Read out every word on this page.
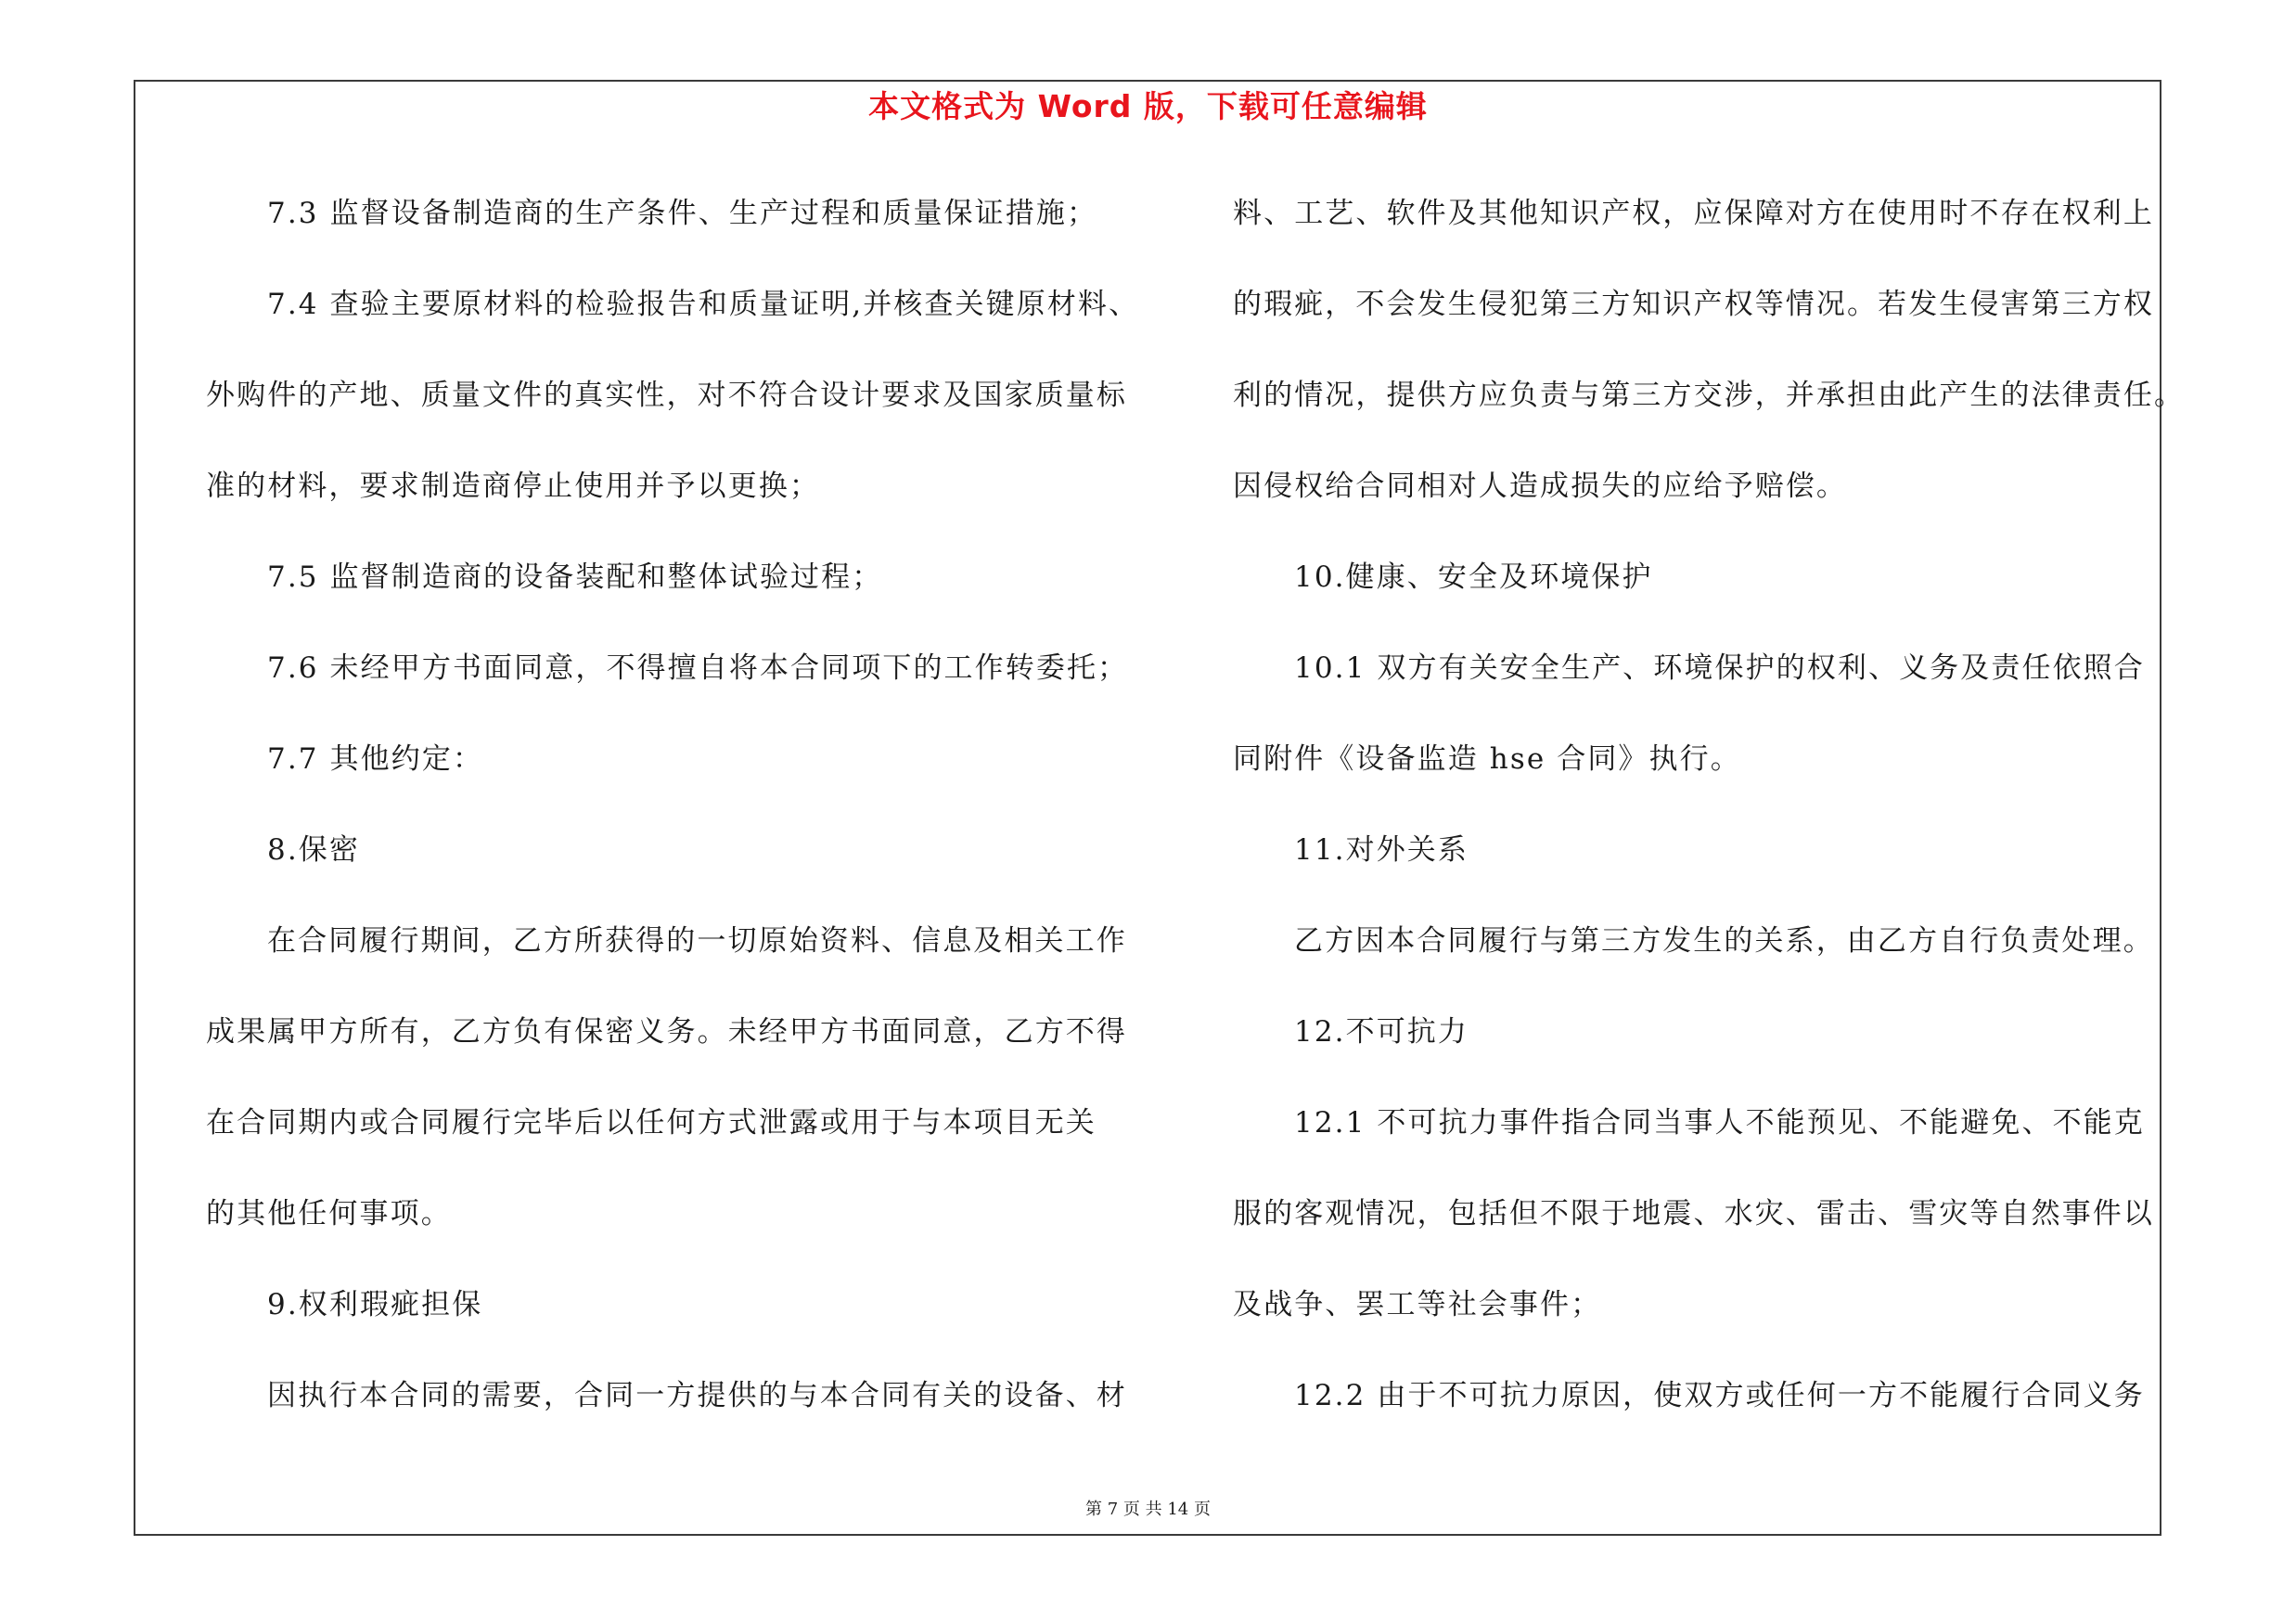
本文格式为 Word 版，下载可任意编辑
7.3 监督设备制造商的生产条件、生产过程和质量保证措施；
7.4 查验主要原材料的检验报告和质量证明,并核查关键原材料、
外购件的产地、质量文件的真实性，对不符合设计要求及国家质量标
准的材料，要求制造商停止使用并予以更换；
7.5 监督制造商的设备装配和整体试验过程；
7.6 未经甲方书面同意，不得擅自将本合同项下的工作转委托；
7.7 其他约定：
8.保密
在合同履行期间，乙方所获得的一切原始资料、信息及相关工作
成果属甲方所有，乙方负有保密义务。未经甲方书面同意，乙方不得
在合同期内或合同履行完毕后以任何方式泄露或用于与本项目无关
的其他任何事项。
9.权利瑕疵担保
因执行本合同的需要，合同一方提供的与本合同有关的设备、材
料、工艺、软件及其他知识产权，应保障对方在使用时不存在权利上
的瑕疵，不会发生侵犯第三方知识产权等情况。若发生侵害第三方权
利的情况，提供方应负责与第三方交涉，并承担由此产生的法律责任。
因侵权给合同相对人造成损失的应给予赔偿。
10.健康、安全及环境保护
10.1 双方有关安全生产、环境保护的权利、义务及责任依照合
同附件《设备监造 hse 合同》执行。
11.对外关系
乙方因本合同履行与第三方发生的关系，由乙方自行负责处理。
12.不可抗力
12.1 不可抗力事件指合同当事人不能预见、不能避免、不能克
服的客观情况，包括但不限于地震、水灾、雷击、雪灾等自然事件以
及战争、罢工等社会事件；
12.2 由于不可抗力原因，使双方或任何一方不能履行合同义务
第 7 页 共 14 页
